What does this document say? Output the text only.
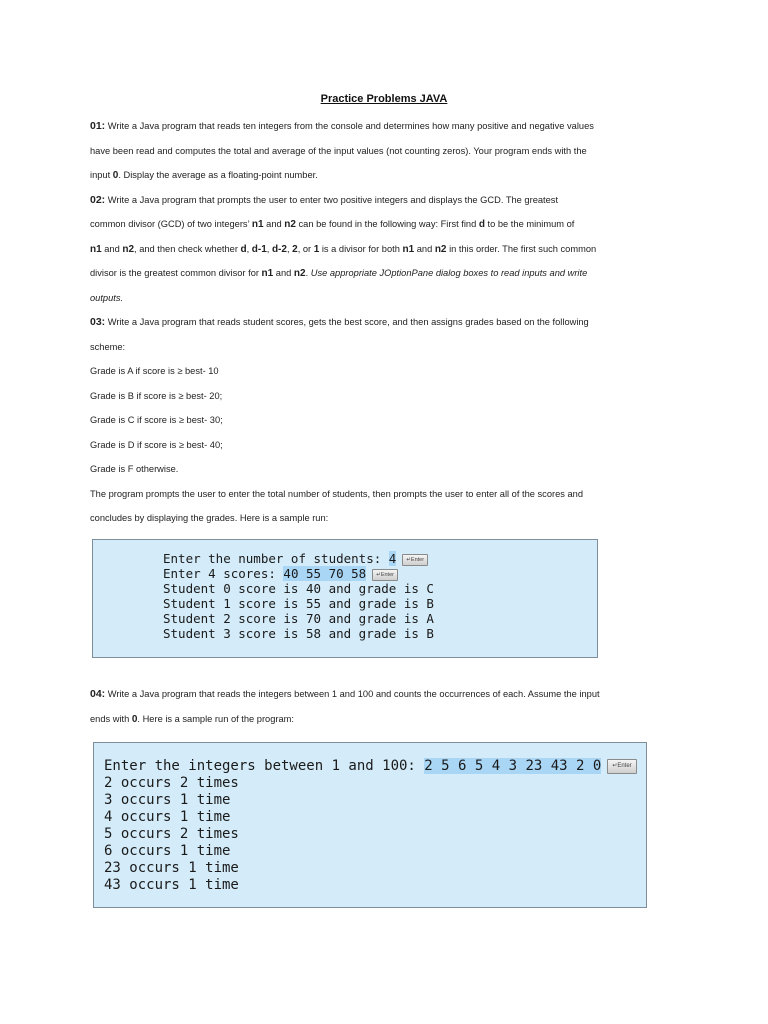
Practice Problems JAVA

01: Write a Java program that reads ten integers from the console and determines how many positive and negative values

have been read and computes the total and average of the input values (not counting zeros). Your program ends with the

input 0. Display the average as a floating-point number.

02: Write a Java program that prompts the user to enter two positive integers and displays the GCD. The greatest

common divisor (GCD) of two integers’ n1 and n2 can be found in the following way: First find d to be the minimum of

n1 and n2, and then check whether d, d-1, d-2, 2, or 1 is a divisor for both n1 and n2 in this order. The first such common

divisor is the greatest common divisor for n1 and n2. Use appropriate JOptionPane dialog boxes to read inputs and write

outputs.

03: Write a Java program that reads student scores, gets the best score, and then assigns grades based on the following

scheme:

Grade is A if score is ≥ best- 10

Grade is B if score is ≥ best- 20;

Grade is C if score is ≥ best- 30;

Grade is D if score is ≥ best- 40;

Grade is F otherwise.

The program prompts the user to enter the total number of students, then prompts the user to enter all of the scores and

concludes by displaying the grades. Here is a sample run:

Enter the number of students: 4 ↵Enter
Enter 4 scores: 40 55 70 58 ↵Enter
Student 0 score is 40 and grade is C
Student 1 score is 55 and grade is B
Student 2 score is 70 and grade is A
Student 3 score is 58 and grade is B

04: Write a Java program that reads the integers between 1 and 100 and counts the occurrences of each. Assume the input

ends with 0. Here is a sample run of the program:

Enter the integers between 1 and 100: 2 5 6 5 4 3 23 43 2 0 ↵Enter
2 occurs 2 times
3 occurs 1 time
4 occurs 1 time
5 occurs 2 times
6 occurs 1 time
23 occurs 1 time
43 occurs 1 time
